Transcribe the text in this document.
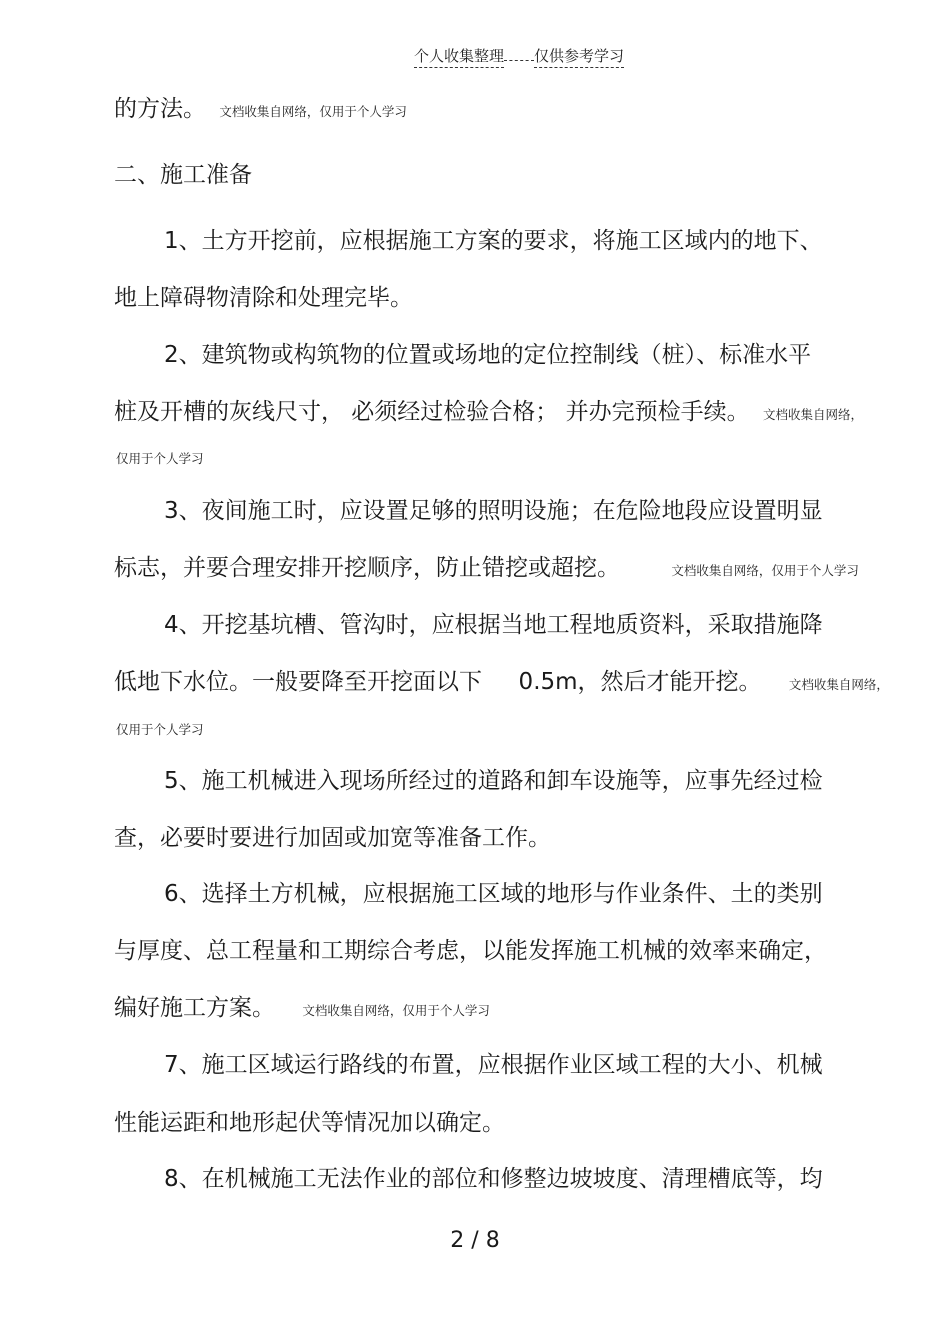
个人收集整理 仅供参考学习
的方法。 文档收集自网络，仅用于个人学习
二、施工准备
1、土方开挖前，应根据施工方案的要求，将施工区域内的地下、
地上障碍物清除和处理完毕。
2、建筑物或构筑物的位置或场地的定位控制线（桩）、标准水平
桩及开槽的灰线尺寸， 必须经过检验合格； 并办完预检手续。 文档收集自网络，
仅用于个人学习
3、夜间施工时，应设置足够的照明设施；在危险地段应设置明显
标志，并要合理安排开挖顺序，防止错挖或超挖。	文档收集自网络，仅用于个人学习
4、开挖基坑槽、管沟时，应根据当地工程地质资料，采取措施降
低地下水位。一般要降至开挖面以下     0.5m，然后才能开挖。 文档收集自网络，
仅用于个人学习
5、施工机械进入现场所经过的道路和卸车设施等，应事先经过检
查，必要时要进行加固或加宽等准备工作。
6、选择土方机械，应根据施工区域的地形与作业条件、土的类别
与厚度、总工程量和工期综合考虑，以能发挥施工机械的效率来确定，
编好施工方案。 文档收集自网络，仅用于个人学习
7、施工区域运行路线的布置，应根据作业区域工程的大小、机械
性能运距和地形起伏等情况加以确定。
8、在机械施工无法作业的部位和修整边坡坡度、清理槽底等，均
2 / 8
